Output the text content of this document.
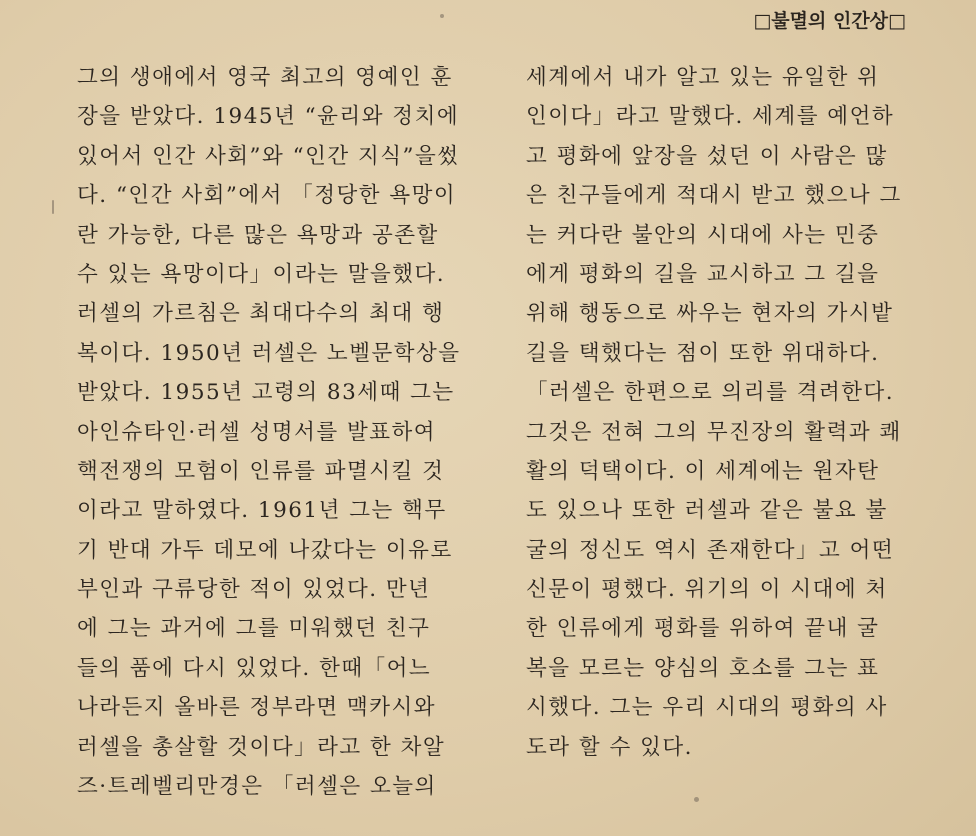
□불멸의 인간상□
그의 생애에서 영국 최고의 영예인 훈
장을 받았다. 1945년 “윤리와 정치에
있어서 인간 사회”와 “인간 지식”을썼
다. “인간 사회”에서 「정당한 욕망이
란 가능한, 다른 많은 욕망과 공존할
수 있는 욕망이다」이라는 말을했다.
러셀의 가르침은 최대다수의 최대 행
복이다. 1950년 러셀은 노벨문학상을
받았다. 1955년 고령의 83세때 그는
아인슈타인·러셀 성명서를 발표하여
핵전쟁의 모험이 인류를 파멸시킬 것
이라고 말하였다. 1961년 그는 핵무
기 반대 가두 데모에 나갔다는 이유로
부인과 구류당한 적이 있었다. 만년
에 그는 과거에 그를 미워했던 친구
들의 품에 다시 있었다. 한때「어느
나라든지 올바른 정부라면 맥카시와
러셀을 총살할 것이다」라고 한 차알
즈·트레벨리만경은 「러셀은 오늘의
세계에서 내가 알고 있는 유일한 위
인이다」라고 말했다. 세계를 예언하
고 평화에 앞장을 섰던 이 사람은 많
은 친구들에게 적대시 받고 했으나 그
는 커다란 불안의 시대에 사는 민중
에게 평화의 길을 교시하고 그 길을
위해 행동으로 싸우는 현자의 가시밭
길을 택했다는 점이 또한 위대하다.
「러셀은 한편으로 의리를 격려한다.
그것은 전혀 그의 무진장의 활력과 쾌
활의 덕택이다. 이 세계에는 원자탄
도 있으나 또한 러셀과 같은 불요 불
굴의 정신도 역시 존재한다」고 어떤
신문이 평했다. 위기의 이 시대에 처
한 인류에게 평화를 위하여 끝내 굴
복을 모르는 양심의 호소를 그는 표
시했다. 그는 우리 시대의 평화의 사
도라 할 수 있다.
